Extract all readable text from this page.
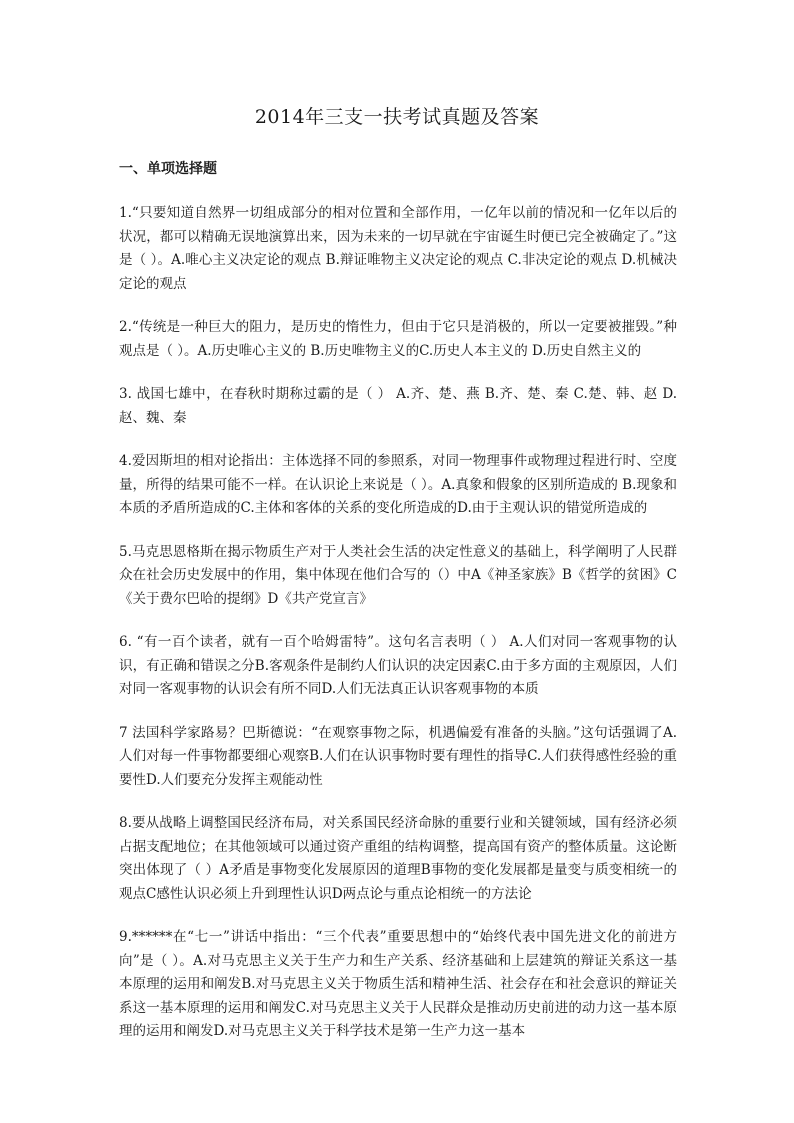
2014年三支一扶考试真题及答案
一、单项选择题

1.“只要知道自然界一切组成部分的相对位置和全部作用，一亿年以前的情况和一亿年以后的状况，都可以精确无误地演算出来，因为未来的一切早就在宇宙诞生时便已完全被确定了。”这是（ ）。A.唯心主义决定论的观点 B.辩证唯物主义决定论的观点 C.非决定论的观点 D.机械决定论的观点

2.“传统是一种巨大的阻力，是历史的惰性力，但由于它只是消极的，所以一定要被摧毁。”种观点是（ ）。A.历史唯心主义的 B.历史唯物主义的C.历史人本主义的 D.历史自然主义的

3. 战国七雄中，在春秋时期称过霸的是（ ） A.齐、楚、燕 B.齐、楚、秦 C.楚、韩、赵 D.赵、魏、秦

4.爱因斯坦的相对论指出：主体选择不同的参照系，对同一物理事件或物理过程进行时、空度量，所得的结果可能不一样。在认识论上来说是（ ）。A.真象和假象的区别所造成的 B.现象和本质的矛盾所造成的C.主体和客体的关系的变化所造成的D.由于主观认识的错觉所造成的

5.马克思恩格斯在揭示物质生产对于人类社会生活的决定性意义的基础上，科学阐明了人民群众在社会历史发展中的作用，集中体现在他们合写的（）中A《神圣家族》B《哲学的贫困》C《关于费尔巴哈的提纲》D《共产党宣言》

6. “有一百个读者，就有一百个哈姆雷特”。这句名言表明（ ） A.人们对同一客观事物的认识，有正确和错误之分B.客观条件是制约人们认识的决定因素C.由于多方面的主观原因，人们对同一客观事物的认识会有所不同D.人们无法真正认识客观事物的本质

7 法国科学家路易？巴斯德说：“在观察事物之际，机遇偏爱有准备的头脑。”这句话强调了A.人们对每一件事物都要细心观察B.人们在认识事物时要有理性的指导C.人们获得感性经验的重要性D.人们要充分发挥主观能动性

8.要从战略上调整国民经济布局，对关系国民经济命脉的重要行业和关键领域，国有经济必须占据支配地位；在其他领域可以通过资产重组的结构调整，提高国有资产的整体质量。这论断突出体现了（ ）A矛盾是事物变化发展原因的道理B事物的变化发展都是量变与质变相统一的观点C感性认识必须上升到理性认识D两点论与重点论相统一的方法论

9.******在“七一”讲话中指出：“三个代表”重要思想中的“始终代表中国先进文化的前进方向”是（ ）。A.对马克思主义关于生产力和生产关系、经济基础和上层建筑的辩证关系这一基本原理的运用和阐发B.对马克思主义关于物质生活和精神生活、社会存在和社会意识的辩证关系这一基本原理的运用和阐发C.对马克思主义关于人民群众是推动历史前进的动力这一基本原理的运用和阐发D.对马克思主义关于科学技术是第一生产力这一基本
